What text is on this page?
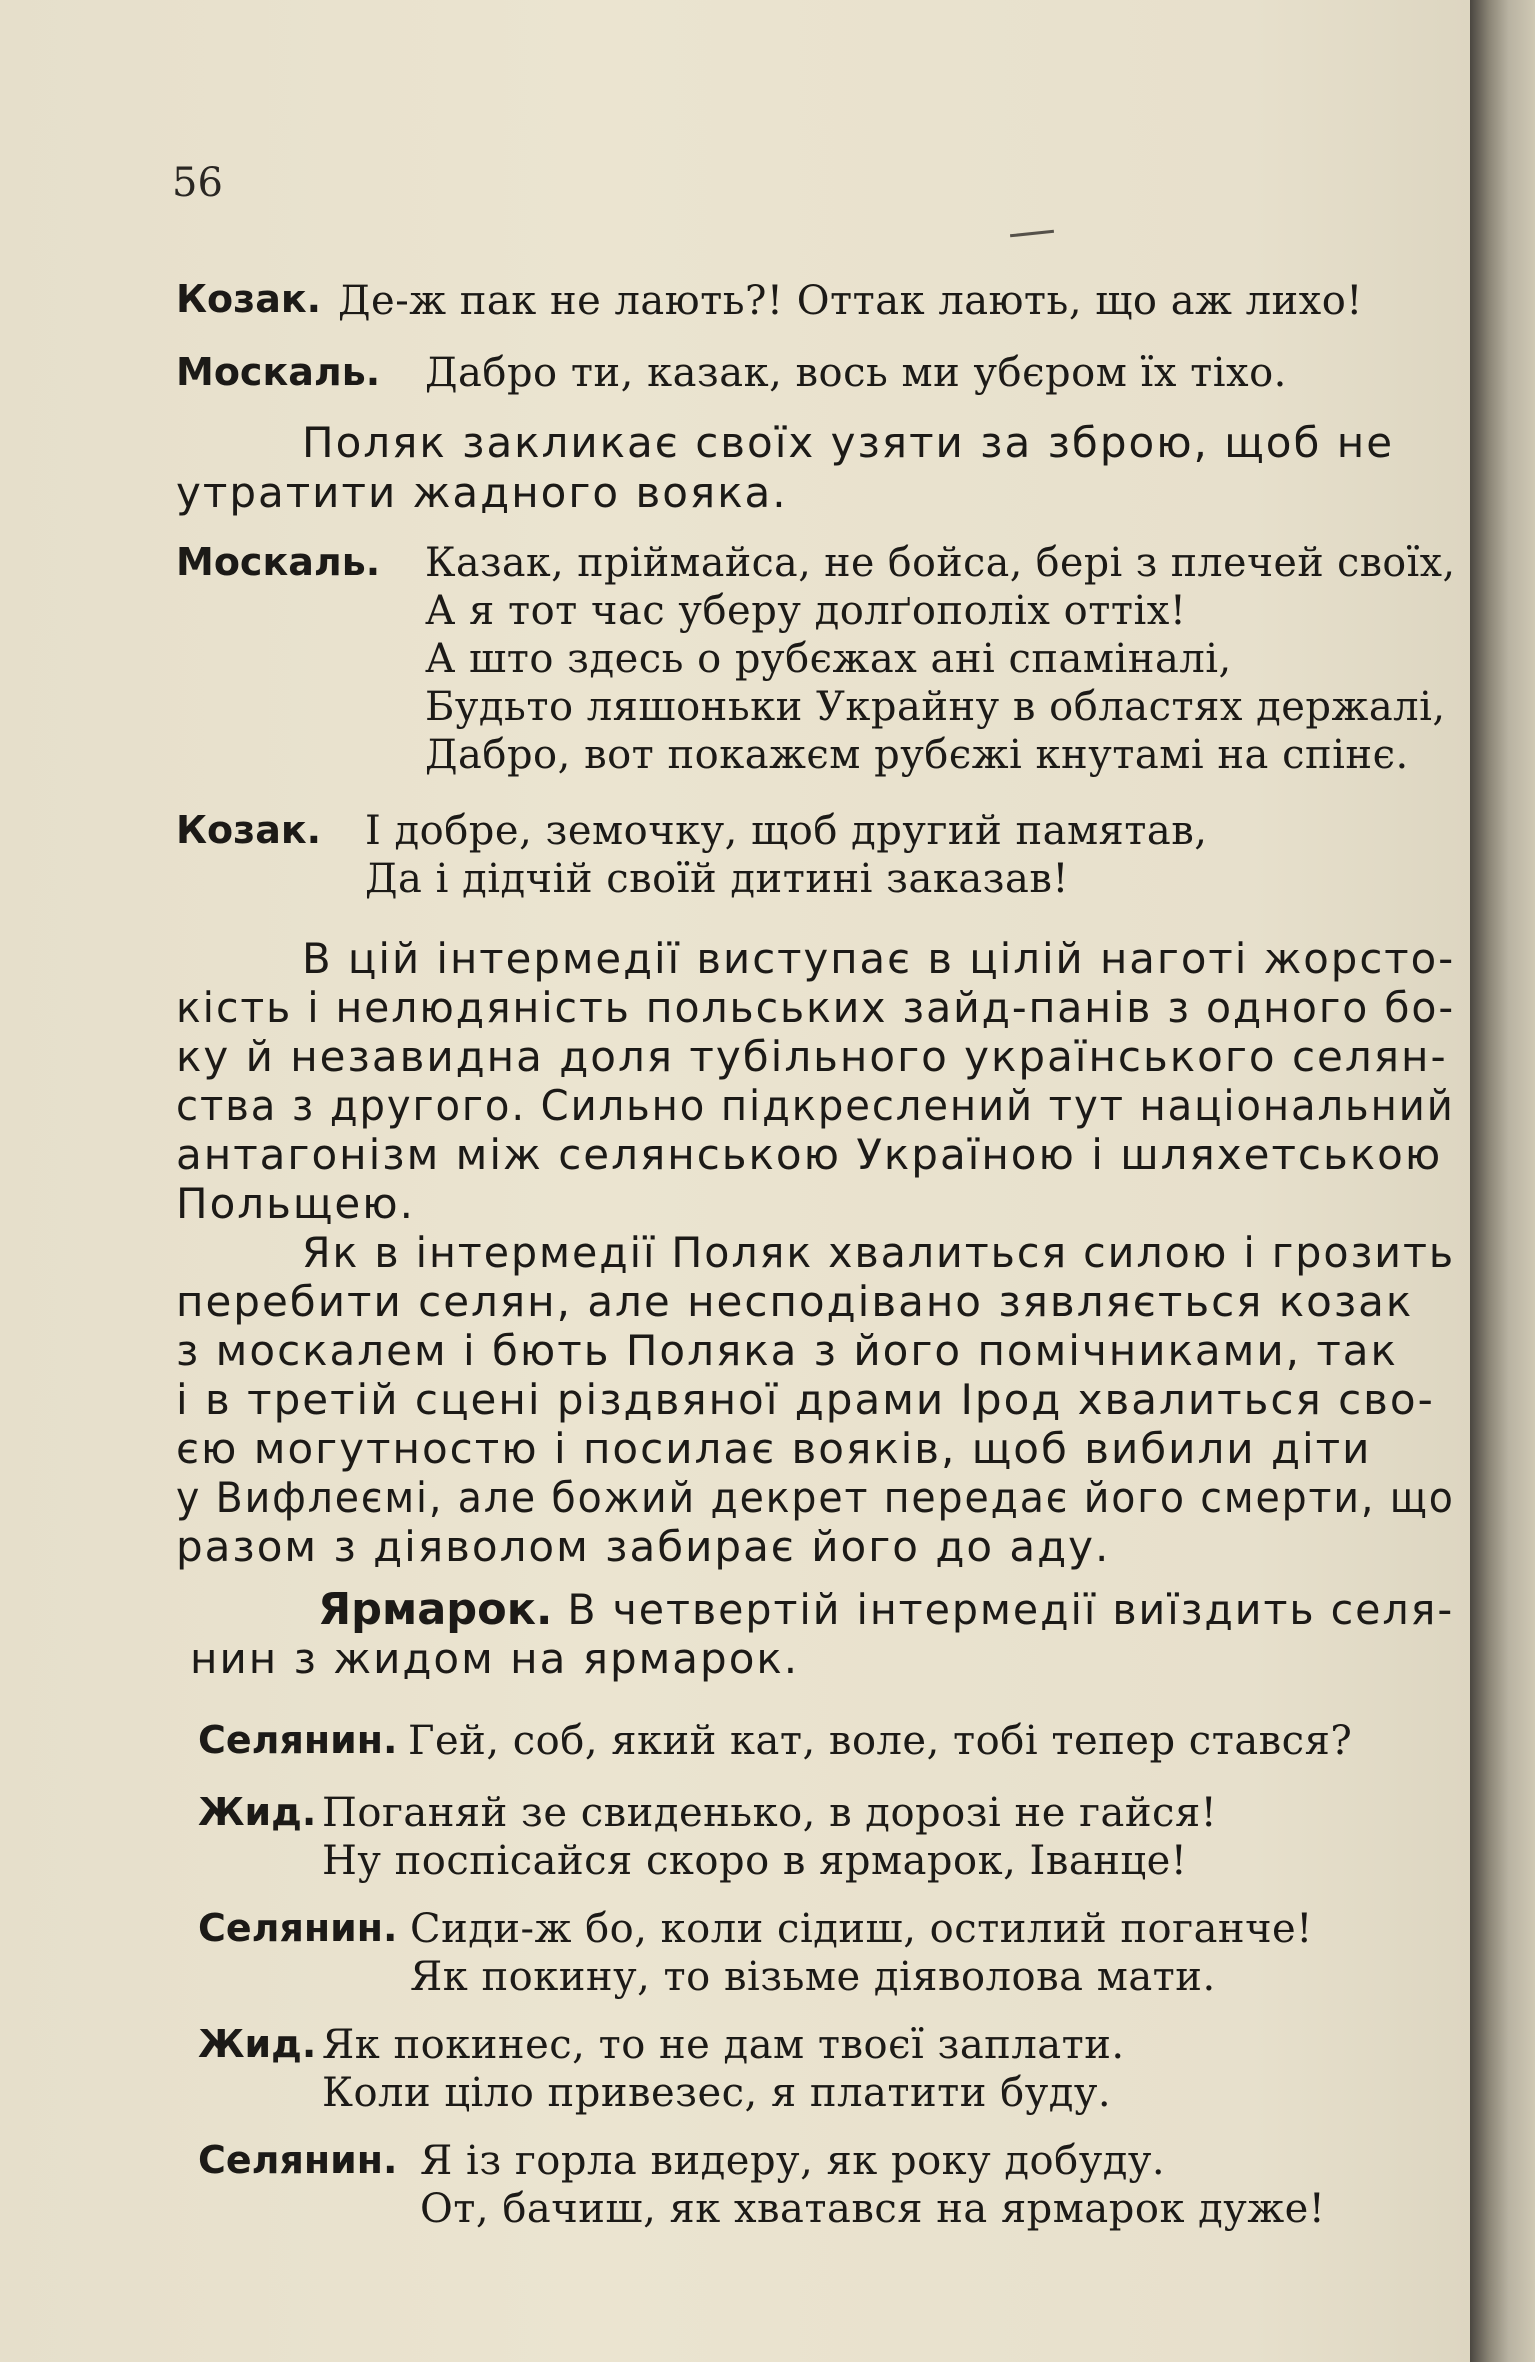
56
Козак. Де-ж пак не лають?! Оттак лають, що аж лихо!
Москаль. Дабро ти, казак, вось ми убєром їх тіхо.
Поляк закликає своїх узяти за зброю, щоб не
утратити жадного вояка.
Москаль. Казак, пріймайса, не бойса, бері з плечей своїх,
А я тот час уберу долґополіх оттіх!
А што здесь о рубєжах ані спаміналі,
Будьто ляшоньки Украйну в областях держалі,
Дабро, вот покажєм рубєжі кнутамі на спінє.
Козак. І добре, земочку, щоб другий памятав,
Да і дідчій своїй дитині заказав!
В цій інтермедії виступає в цілій наготі жорсто-
кість і нелюдяність польських зайд-панів з одного бо-
ку й незавидна доля тубільного українського селян-
ства з другого. Сильно підкреслений тут національний
антагонізм між селянською Україною і шляхетською
Польщею.
Як в інтермедії Поляк хвалиться силою і грозить
перебити селян, але несподівано зявляється козак
з москалем і бють Поляка з його помічниками, так
і в третій сцені різдвяної драми Ірод хвалиться сво-
єю могутностю і посилає вояків, щоб вибили діти
у Вифлеємі, але божий декрет передає його смерти, що
разом з діяволом забирає його до аду.
Ярмарок. В четвертій інтермедії виїздить селя-
нин з жидом на ярмарок.
Селянин. Гей, соб, який кат, воле, тобі тепер стався?
Жид. Поганяй зе свиденько, в дорозі не гайся!
Ну поспісайся скоро в ярмарок, Іванце!
Селянин. Сиди-ж бо, коли сідиш, остилий поганче!
Як покину, то візьме діяволова мати.
Жид. Як покинес, то не дам твоєї заплати.
Коли ціло привезес, я платити буду.
Селянин. Я із горла видеру, як року добуду.
От, бачиш, як хватався на ярмарок дуже!
